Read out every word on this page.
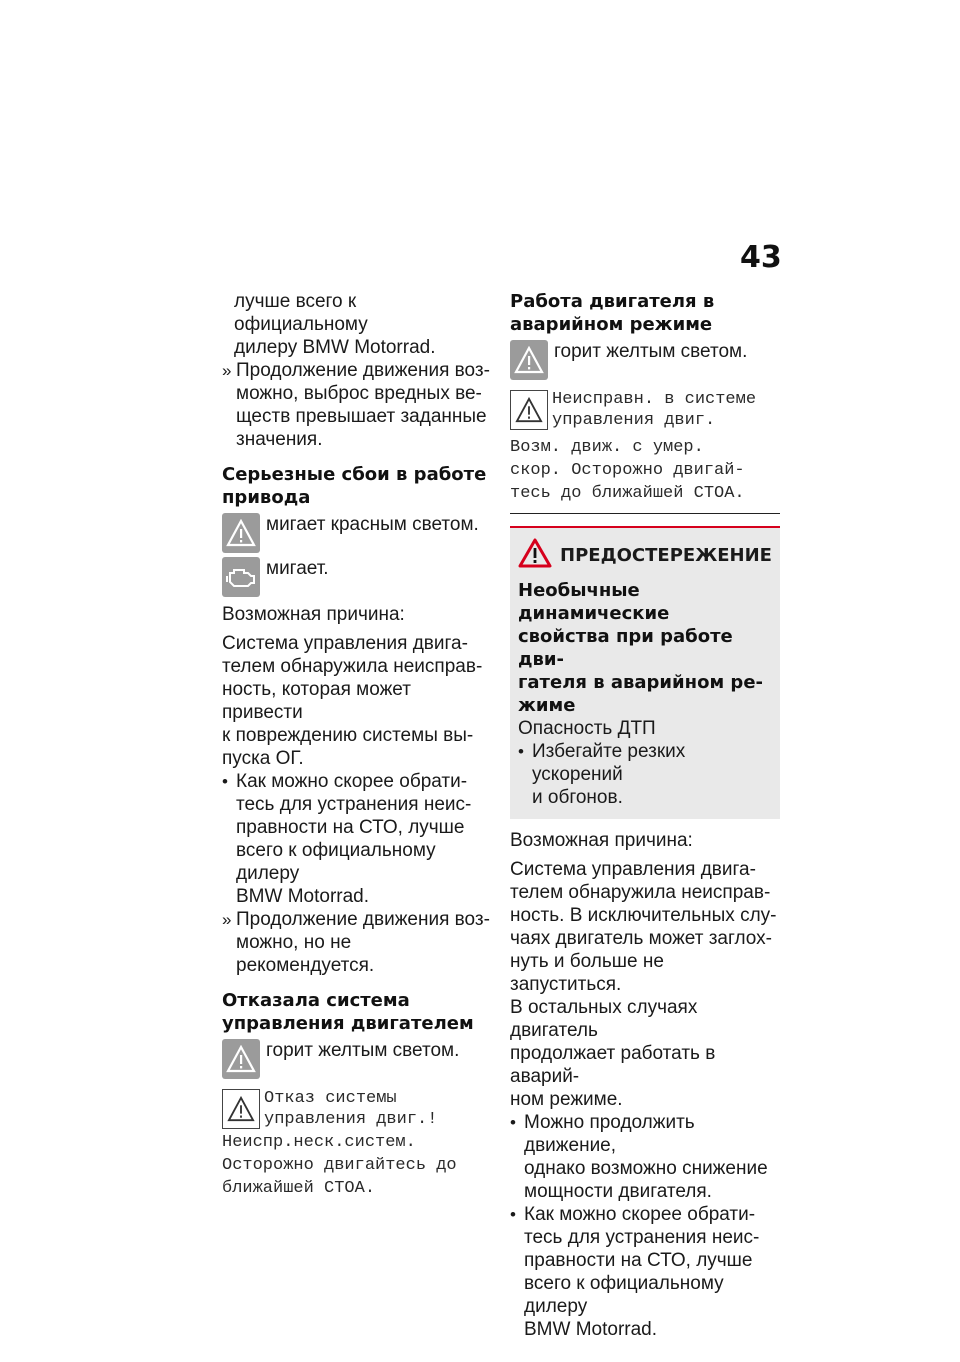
43

лучше всего к официальному

дилеру BMW Motorrad.

» Продолжение движения воз-

можно, выброс вредных ве-

ществ превышает заданные

значения.

Серьезные сбои в работе
привода
мигает красным светом.
мигает.

Возможная причина:

Система управления двига-

телем обнаружила неисправ-

ность, которая может привести

к повреждению системы вы-

пуска ОГ.

• Как можно скорее обрати-

тесь для устранения неис-

правности на СТО, лучше

всего к официальному дилеру

BMW Motorrad.

» Продолжение движения воз-

можно, но не рекомендуется.

Отказала система
управления двигателем
горит желтым светом.

Отказ системы

управления двиг.!

Неиспр.неск.систем.

Осторожно двигайтесь до

ближайшей СТОА.

Работа двигателя в
аварийном режиме
горит желтым светом.

Неисправн. в системе

управления двиг.

Возм. движ. с умер.

скор. Осторожно двигай-

тесь до ближайшей СТОА.

ПРЕДОСТЕРЕЖЕНИЕ
Необычные динамические
свойства при работе дви-
гателя в аварийном ре-
жиме

Опасность ДТП

• Избегайте резких ускорений

и обгонов.

Возможная причина:

Система управления двига-

телем обнаружила неисправ-

ность. В исключительных слу-

чаях двигатель может заглох-

нуть и больше не запуститься.

В остальных случаях двигатель

продолжает работать в аварий-

ном режиме.

• Можно продолжить движение,

однако возможно снижение

мощности двигателя.

• Как можно скорее обрати-

тесь для устранения неис-

правности на СТО, лучше

всего к официальному дилеру

BMW Motorrad.
